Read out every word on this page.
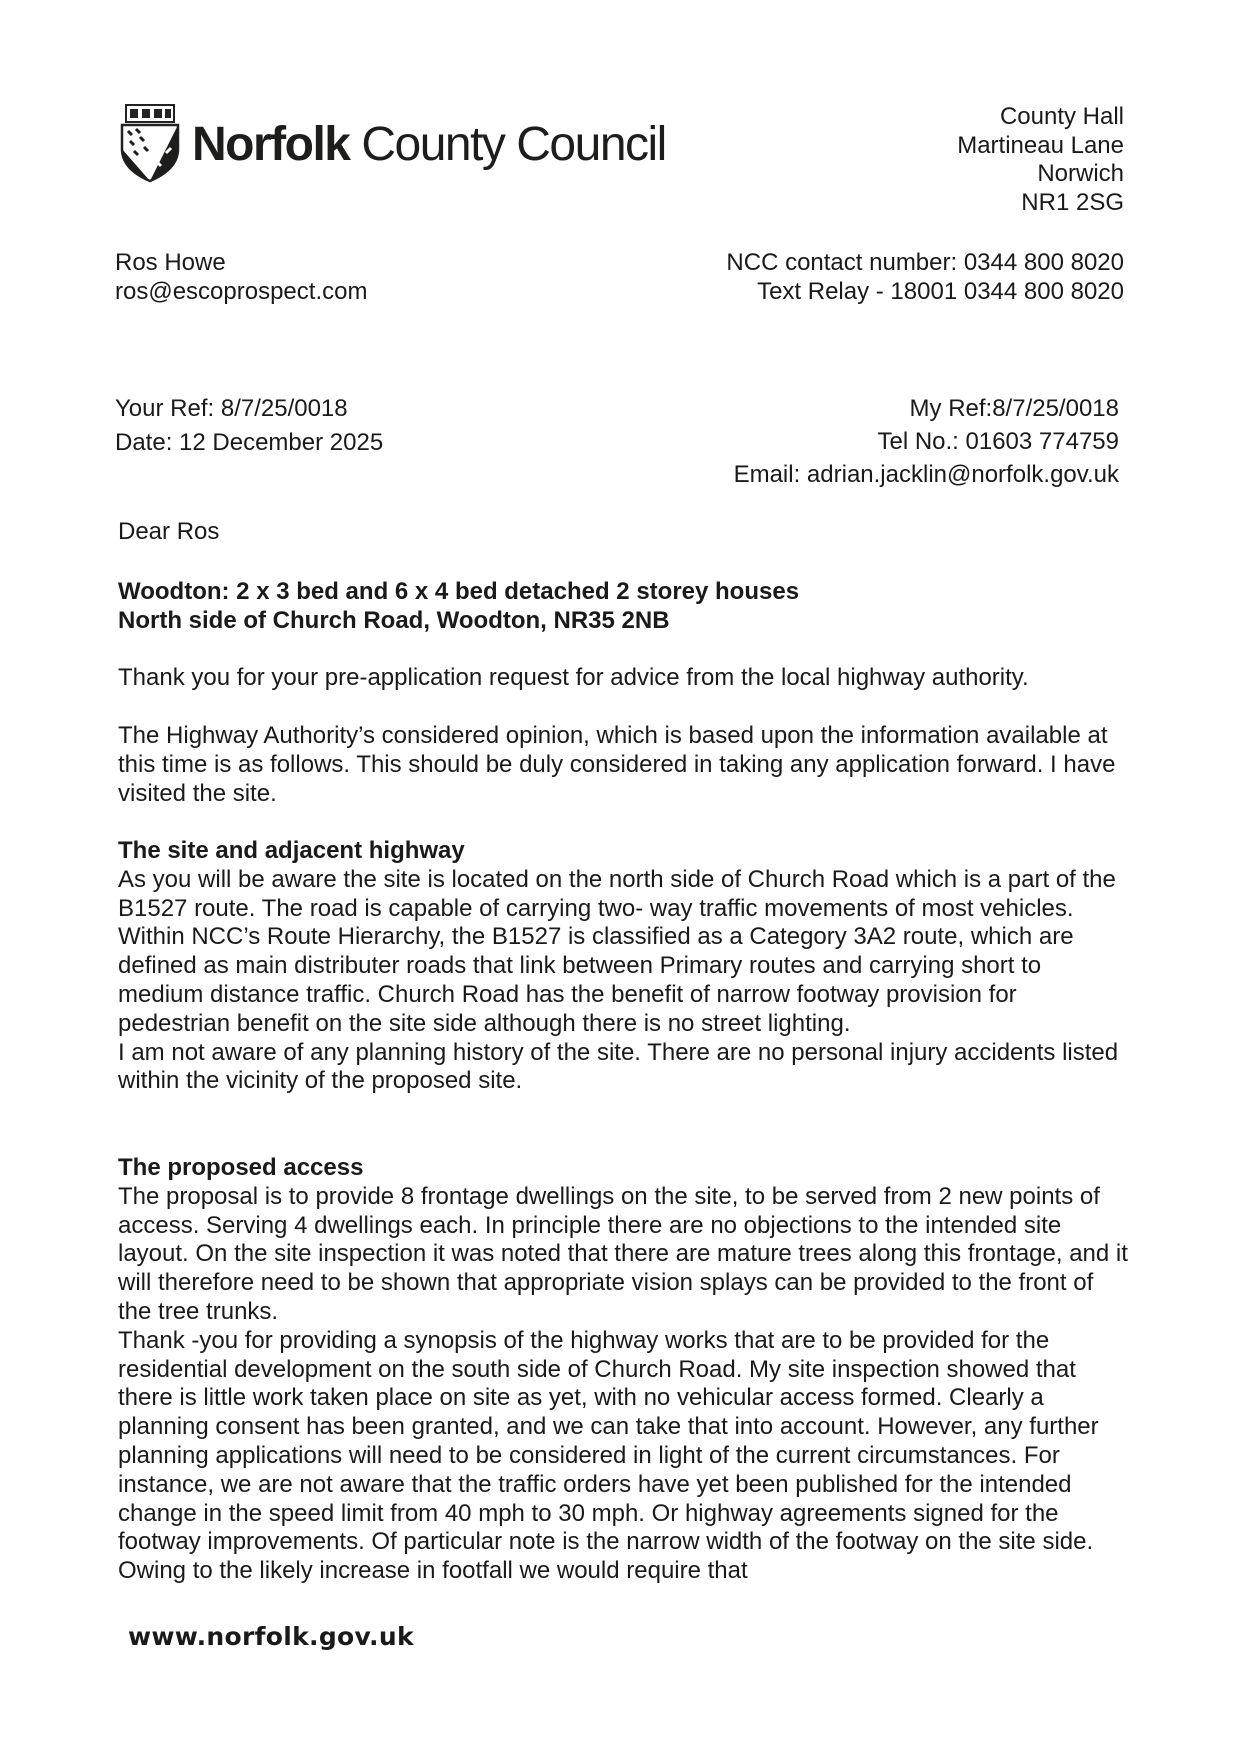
Norfolk County Council
County Hall
Martineau Lane
Norwich
NR1 2SG
Ros Howe
ros@escoprospect.com
NCC contact number: 0344 800 8020
Text Relay - 18001 0344 800 8020
Your Ref: 8/7/25/0018
Date: 12 December 2025
My Ref:8/7/25/0018
Tel No.: 01603 774759
Email: adrian.jacklin@norfolk.gov.uk
Dear Ros
Woodton: 2 x 3 bed and 6 x 4 bed detached 2 storey houses
North side of Church Road, Woodton, NR35 2NB

Thank you for your pre-application request for advice from the local highway authority.

The Highway Authority’s considered opinion, which is based upon the information available at this time is as follows. This should be duly considered in taking any application forward. I have visited the site.

The site and adjacent highway

As you will be aware the site is located on the north side of Church Road which is a part of the B1527 route. The road is capable of carrying two- way traffic movements of most vehicles.

Within NCC’s Route Hierarchy, the B1527 is classified as a Category 3A2 route, which are defined as main distributer roads that link between Primary routes and carrying short to medium distance traffic. Church Road has the benefit of narrow footway provision for pedestrian benefit on the site side although there is no street lighting.

I am not aware of any planning history of the site. There are no personal injury accidents listed within the vicinity of the proposed site.

The proposed access

The proposal is to provide 8 frontage dwellings on the site, to be served from 2 new points of access. Serving 4 dwellings each. In principle there are no objections to the intended site layout. On the site inspection it was noted that there are mature trees along this frontage, and it will therefore need to be shown that appropriate vision splays can be provided to the front of the tree trunks.

Thank -you for providing a synopsis of the highway works that are to be provided for the residential development on the south side of Church Road. My site inspection showed that there is little work taken place on site as yet, with no vehicular access formed. Clearly a planning consent has been granted, and we can take that into account. However, any further planning applications will need to be considered in light of the current circumstances. For instance, we are not aware that the traffic orders have yet been published for the intended change in the speed limit from 40 mph to 30 mph. Or highway agreements signed for the footway improvements. Of particular note is the narrow width of the footway on the site side. Owing to the likely increase in footfall we would require that

www.norfolk.gov.uk
